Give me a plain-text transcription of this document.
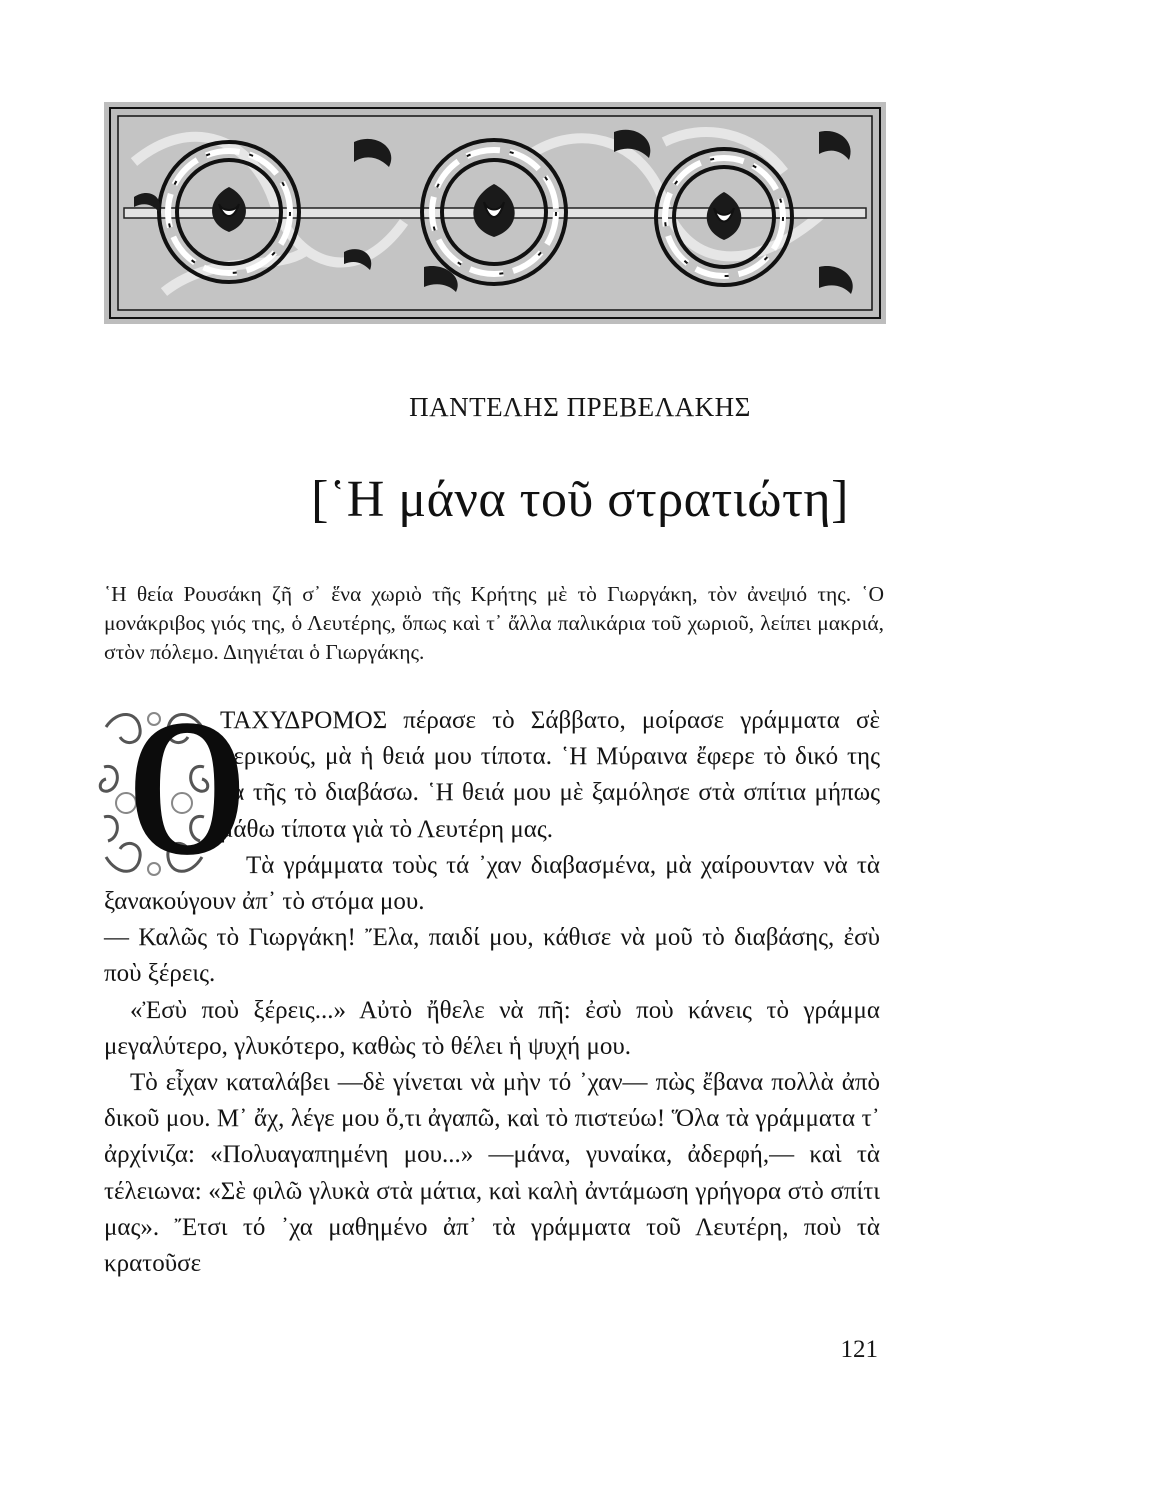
ΠΑΝΤΕΛΗΣ ΠΡΕΒΕΛΑΚΗΣ
[῾Η μάνα τοῦ στρατιώτη]
῾Η θεία Ρουσάκη ζῆ σ᾽ ἕνα χωριὸ τῆς Κρήτης μὲ τὸ Γιωργάκη, τὸν ἀνεψιό της. ῾Ο μονάκριβος γιός της, ὁ Λευτέρης, ὅπως καὶ τ᾽ ἄλλα παλικάρια τοῦ χωριοῦ, λείπει μακριά, στὸν πόλεμο. Διηγιέται ὁ Γιωργάκης.
O

ΤΑΧΥΔΡΟΜΟΣ πέρασε τὸ Σάββατο, μοίρασε γράμματα σὲ μερικούς, μὰ ἡ θειά μου τίποτα. ῾Η Μύραινα ἔφερε τὸ δικό της νὰ τῆς τὸ διαβάσω. ῾Η θειά μου μὲ ξαμόλησε στὰ σπίτια μήπως μάθω τίποτα γιὰ τὸ Λευτέρη μας.

Τὰ γράμματα τοὺς τά ᾽χαν διαβασμένα, μὰ χαίρουνταν νὰ τὰ ξανακούγουν ἀπ᾽ τὸ στόμα μου.

— Καλῶς τὸ Γιωργάκη! Ἔλα, παιδί μου, κάθισε νὰ μοῦ τὸ διαβάσης, ἐσὺ ποὺ ξέρεις.

«Ἐσὺ ποὺ ξέρεις...» Αὐτὸ ἤθελε νὰ πῆ: ἐσὺ ποὺ κάνεις τὸ γράμμα μεγαλύτερο, γλυκότερο, καθὼς τὸ θέλει ἡ ψυχή μου.

Τὸ εἶχαν καταλάβει —δὲ γίνεται νὰ μὴν τό ᾽χαν— πὼς ἔβανα πολλὰ ἀπὸ δικοῦ μου. Μ᾽ ἄχ, λέγε μου ὅ,τι ἀγαπῶ, καὶ τὸ πιστεύω! Ὅλα τὰ γράμματα τ᾽ ἀρχίνιζα: «Πολυαγαπημένη μου...» —μάνα, γυναίκα, ἀδερφή,— καὶ τὰ τέλειωνα: «Σὲ φιλῶ γλυκὰ στὰ μάτια, καὶ καλὴ ἀντάμωση γρήγορα στὸ σπίτι μας». Ἔτσι τό ᾽χα μαθημένο ἀπ᾽ τὰ γράμματα τοῦ Λευτέρη, ποὺ τὰ κρατοῦσε

121
